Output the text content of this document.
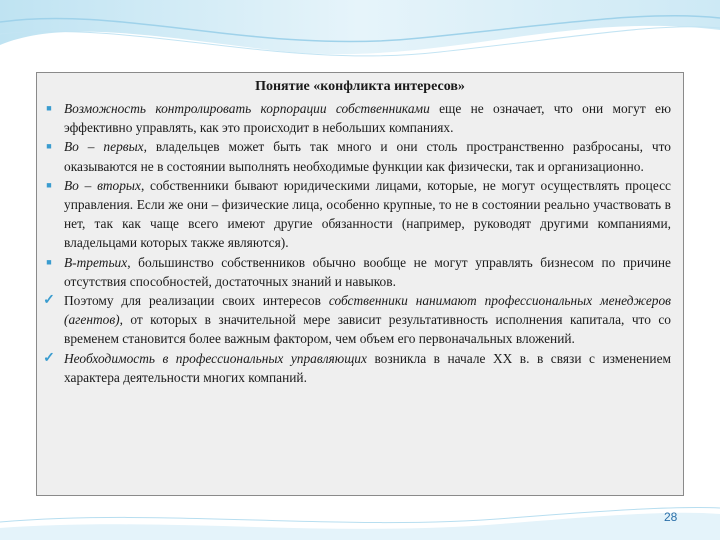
Понятие «конфликта интересов»
■ Возможность контролировать корпорации собственниками еще не означает, что они могут ею эффективно управлять, как это происходит в небольших компаниях.
■ Во – первых, владельцев может быть так много и они столь пространственно разбросаны, что оказываются не в состоянии выполнять необходимые функции как физически, так и организационно.
■ Во – вторых, собственники бывают юридическими лицами, которые, не могут осуществлять процесс управления. Если же они – физические лица, особенно крупные, то не в состоянии реально участвовать в нет, так как чаще всего имеют другие обязанности (например, руководят другими компаниями, владельцами которых также являются).
■ В-третьих, большинство собственников обычно вообще не могут управлять бизнесом по причине отсутствия способностей, достаточных знаний и навыков.
✓ Поэтому для реализации своих интересов собственники нанимают профессиональных менеджеров (агентов), от которых в значительной мере зависит результативность исполнения капитала, что со временем становится более важным фактором, чем объем его первоначальных вложений.
✓ Необходимость в профессиональных управляющих возникла в начале XX в. в связи с изменением характера деятельности многих компаний.
28
